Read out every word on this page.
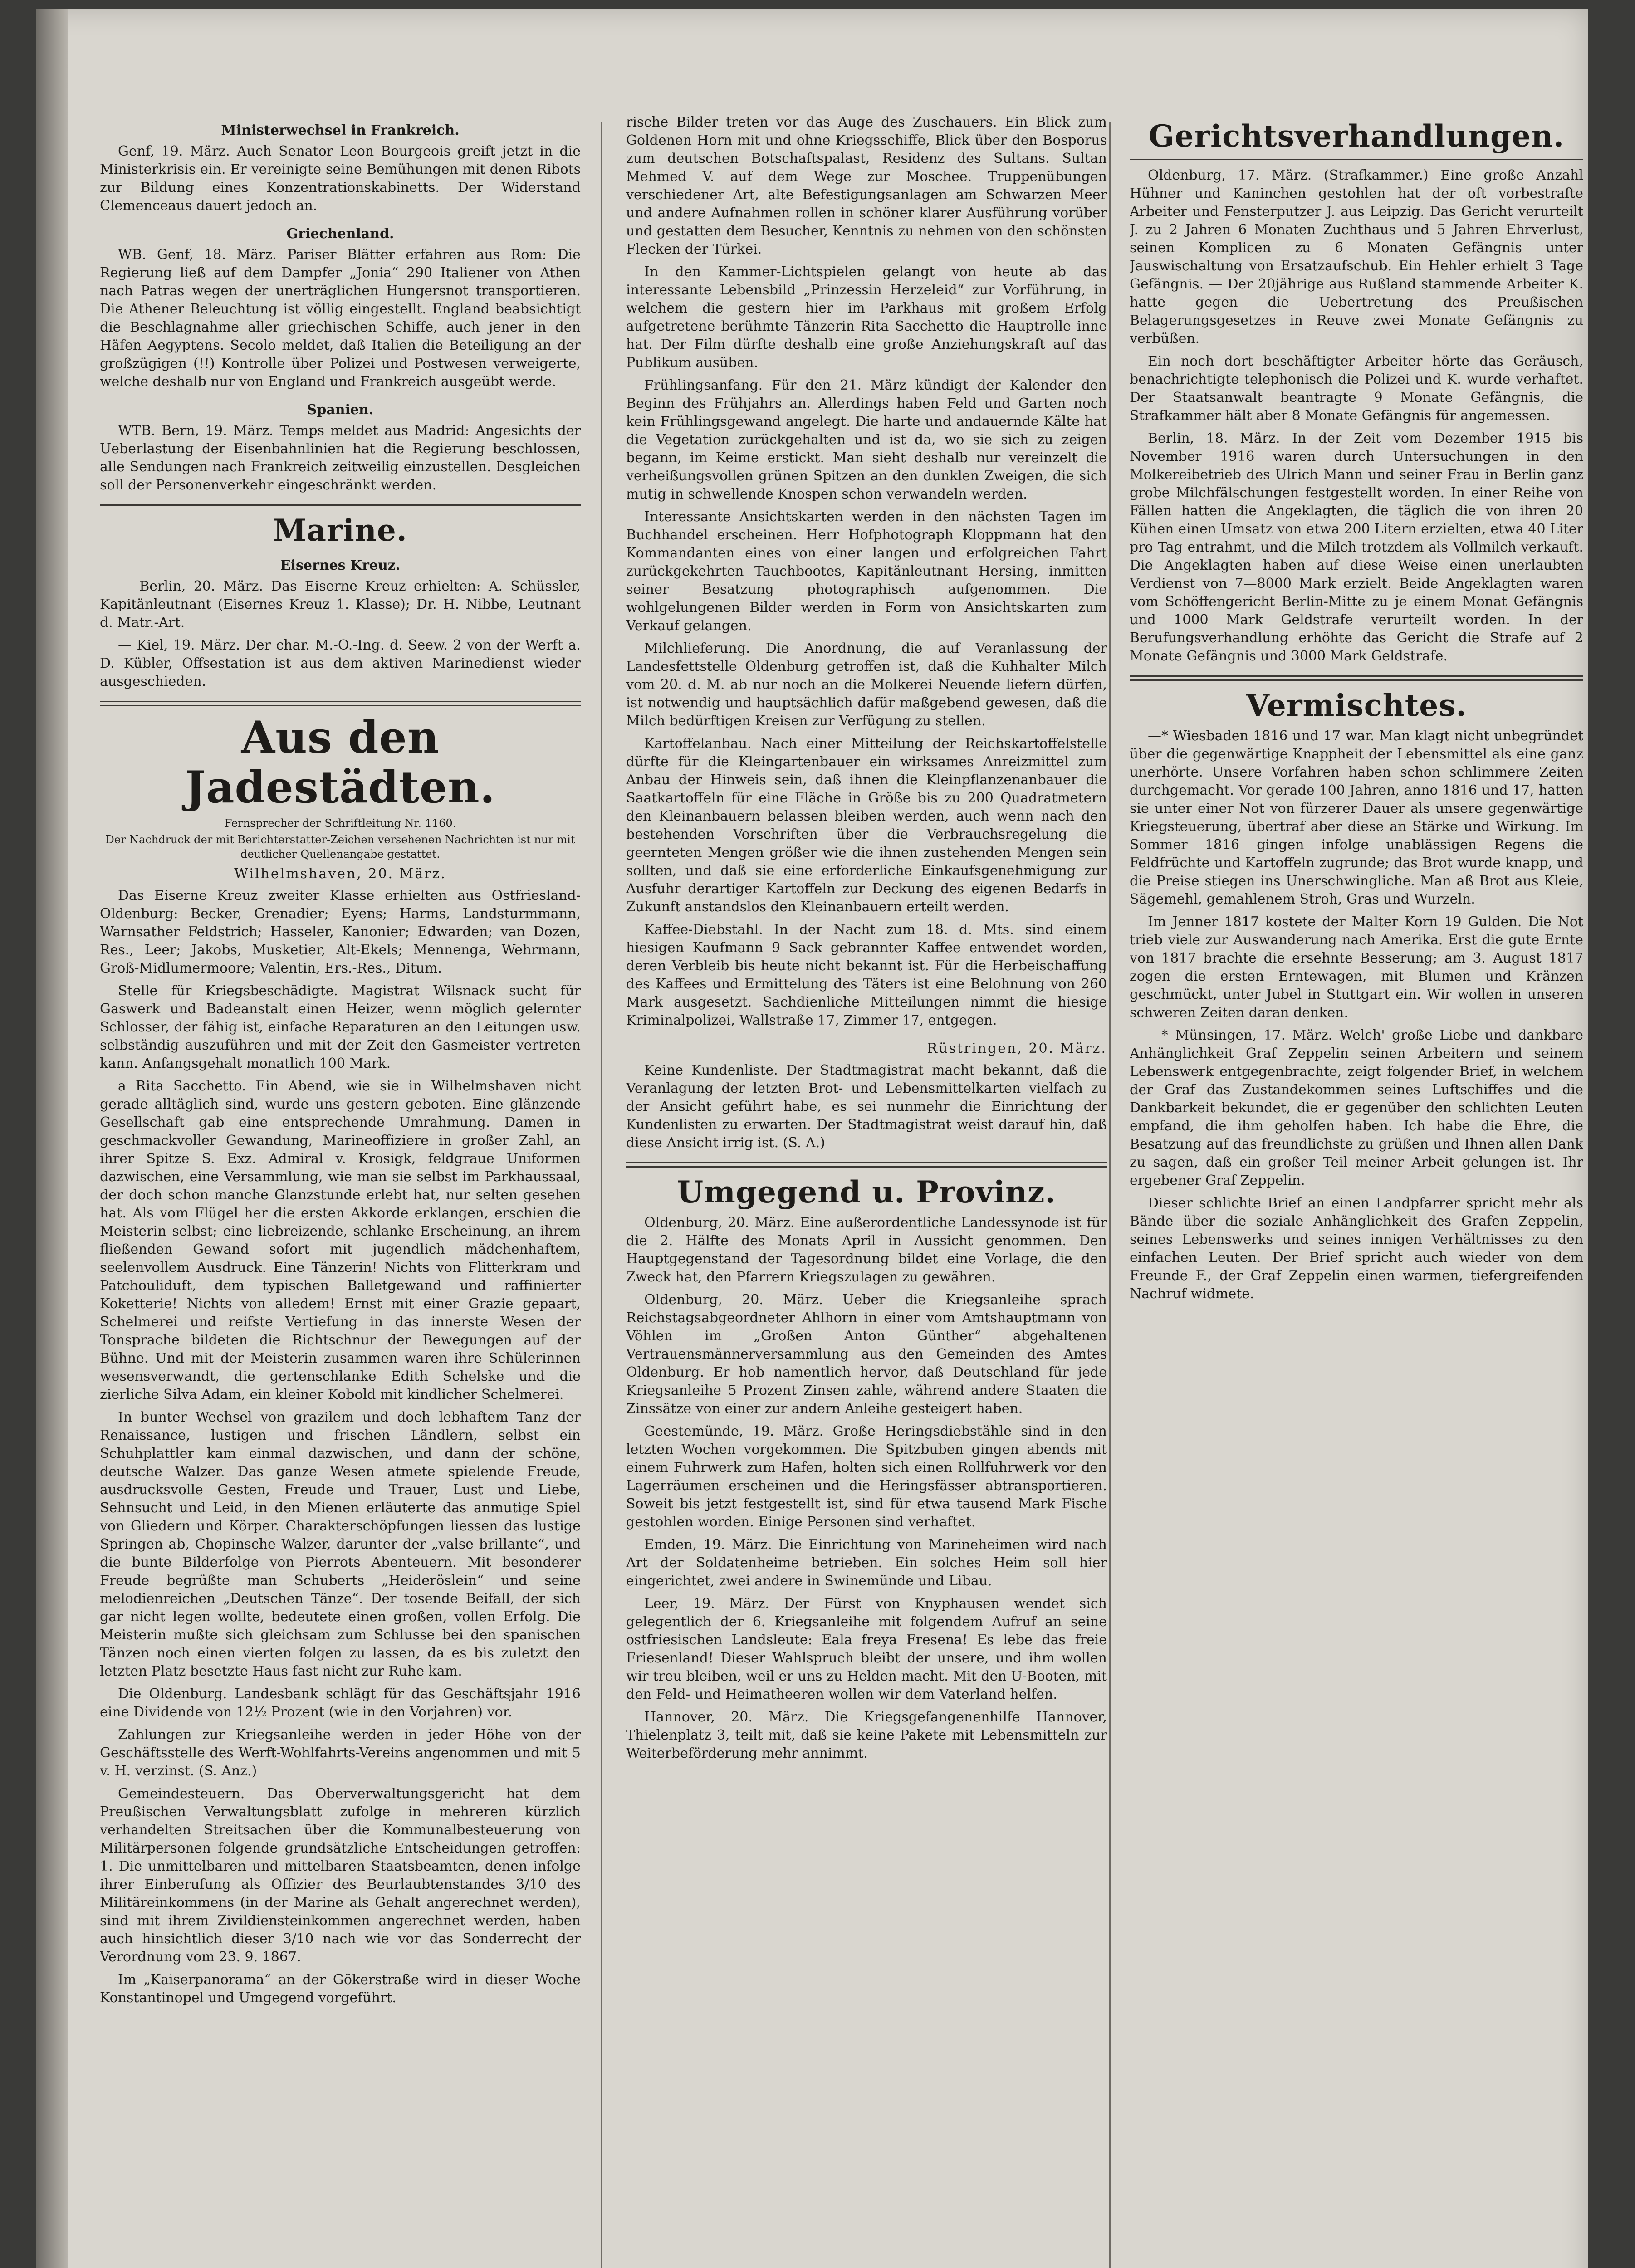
Ministerwechsel in Frankreich.

Genf, 19. März. Auch Senator Leon Bourgeois greift jetzt in die Ministerkrisis ein. Er vereinigte seine Bemühungen mit denen Ribots zur Bildung eines Konzentrationskabinetts. Der Widerstand Clemenceaus dauert jedoch an.

Griechenland.

WB. Genf, 18. März. Pariser Blätter erfahren aus Rom: Die Regierung ließ auf dem Dampfer „Jonia“ 290 Italiener von Athen nach Patras wegen der unerträglichen Hungersnot transportieren. Die Athener Beleuchtung ist völlig eingestellt. England beabsichtigt die Beschlagnahme aller griechischen Schiffe, auch jener in den Häfen Aegyptens. Secolo meldet, daß Italien die Beteiligung an der großzügigen (!!) Kontrolle über Polizei und Postwesen verweigerte, welche deshalb nur von England und Frankreich ausgeübt werde.

Spanien.

WTB. Bern, 19. März. Temps meldet aus Madrid: Angesichts der Ueberlastung der Eisenbahnlinien hat die Regierung beschlossen, alle Sendungen nach Frankreich zeitweilig einzustellen. Desgleichen soll der Personenverkehr eingeschränkt werden.

Marine.
Eisernes Kreuz.

— Berlin, 20. März. Das Eiserne Kreuz erhielten: A. Schüssler, Kapitänleutnant (Eisernes Kreuz 1. Klasse); Dr. H. Nibbe, Leutnant d. Matr.-Art.

— Kiel, 19. März. Der char. M.-O.-Ing. d. Seew. 2 von der Werft a. D. Kübler, Offsestation ist aus dem aktiven Marinedienst wieder ausgeschieden.

Aus den Jadestädten.
Fernsprecher der Schriftleitung Nr. 1160.
Der Nachdruck der mit Berichterstatter-Zeichen versehenen Nachrichten ist nur mit deutlicher Quellenangabe gestattet.
Wilhelmshaven, 20. März.

Das Eiserne Kreuz zweiter Klasse erhielten aus Ostfriesland-Oldenburg: Becker, Grenadier; Eyens; Harms, Landsturmmann, Warnsather Feldstrich; Hasseler, Kanonier; Edwarden; van Dozen, Res., Leer; Jakobs, Musketier, Alt-Ekels; Mennenga, Wehrmann, Groß-Midlumermoore; Valentin, Ers.-Res., Ditum.

Stelle für Kriegsbeschädigte. Magistrat Wilsnack sucht für Gaswerk und Badeanstalt einen Heizer, wenn möglich gelernter Schlosser, der fähig ist, einfache Reparaturen an den Leitungen usw. selbständig auszuführen und mit der Zeit den Gasmeister vertreten kann. Anfangsgehalt monatlich 100 Mark.

a Rita Sacchetto. Ein Abend, wie sie in Wilhelmshaven nicht gerade alltäglich sind, wurde uns gestern geboten. Eine glänzende Gesellschaft gab eine entsprechende Umrahmung. Damen in geschmackvoller Gewandung, Marineoffiziere in großer Zahl, an ihrer Spitze S. Exz. Admiral v. Krosigk, feldgraue Uniformen dazwischen, eine Versammlung, wie man sie selbst im Parkhaussaal, der doch schon manche Glanzstunde erlebt hat, nur selten gesehen hat. Als vom Flügel her die ersten Akkorde erklangen, erschien die Meisterin selbst; eine liebreizende, schlanke Erscheinung, an ihrem fließenden Gewand sofort mit jugendlich mädchenhaftem, seelenvollem Ausdruck. Eine Tänzerin! Nichts von Flitterkram und Patchouliduft, dem typischen Balletgewand und raffinierter Koketterie! Nichts von alledem! Ernst mit einer Grazie gepaart, Schelmerei und reifste Vertiefung in das innerste Wesen der Tonsprache bildeten die Richtschnur der Bewegungen auf der Bühne. Und mit der Meisterin zusammen waren ihre Schülerinnen wesensverwandt, die gertenschlanke Edith Schelske und die zierliche Silva Adam, ein kleiner Kobold mit kindlicher Schelmerei.

In bunter Wechsel von grazilem und doch lebhaftem Tanz der Renaissance, lustigen und frischen Ländlern, selbst ein Schuhplattler kam einmal dazwischen, und dann der schöne, deutsche Walzer. Das ganze Wesen atmete spielende Freude, ausdrucksvolle Gesten, Freude und Trauer, Lust und Liebe, Sehnsucht und Leid, in den Mienen erläuterte das anmutige Spiel von Gliedern und Körper. Charakterschöpfungen liessen das lustige Springen ab, Chopinsche Walzer, darunter der „valse brillante“, und die bunte Bilderfolge von Pierrots Abenteuern. Mit besonderer Freude begrüßte man Schuberts „Heideröslein“ und seine melodienreichen „Deutschen Tänze“. Der tosende Beifall, der sich gar nicht legen wollte, bedeutete einen großen, vollen Erfolg. Die Meisterin mußte sich gleichsam zum Schlusse bei den spanischen Tänzen noch einen vierten folgen zu lassen, da es bis zuletzt den letzten Platz besetzte Haus fast nicht zur Ruhe kam.

Die Oldenburg. Landesbank schlägt für das Geschäftsjahr 1916 eine Dividende von 12½ Prozent (wie in den Vorjahren) vor.

Zahlungen zur Kriegsanleihe werden in jeder Höhe von der Geschäftsstelle des Werft-Wohlfahrts-Vereins angenommen und mit 5 v. H. verzinst. (S. Anz.)

Gemeindesteuern. Das Oberverwaltungsgericht hat dem Preußischen Verwaltungsblatt zufolge in mehreren kürzlich verhandelten Streitsachen über die Kommunalbesteuerung von Militärpersonen folgende grundsätzliche Entscheidungen getroffen: 1. Die unmittelbaren und mittelbaren Staatsbeamten, denen infolge ihrer Einberufung als Offizier des Beurlaubtenstandes 3/10 des Militäreinkommens (in der Marine als Gehalt angerechnet werden), sind mit ihrem Zivildiensteinkommen angerechnet werden, haben auch hinsichtlich dieser 3/10 nach wie vor das Sonderrecht der Verordnung vom 23. 9. 1867.

Im „Kaiserpanorama“ an der Gökerstraße wird in dieser Woche Konstantinopel und Umgegend vorgeführt.

rische Bilder treten vor das Auge des Zuschauers. Ein Blick zum Goldenen Horn mit und ohne Kriegsschiffe, Blick über den Bosporus zum deutschen Botschaftspalast, Residenz des Sultans. Sultan Mehmed V. auf dem Wege zur Moschee. Truppenübungen verschiedener Art, alte Befestigungsanlagen am Schwarzen Meer und andere Aufnahmen rollen in schöner klarer Ausführung vorüber und gestatten dem Besucher, Kenntnis zu nehmen von den schönsten Flecken der Türkei.

In den Kammer-Lichtspielen gelangt von heute ab das interessante Lebensbild „Prinzessin Herzeleid“ zur Vorführung, in welchem die gestern hier im Parkhaus mit großem Erfolg aufgetretene berühmte Tänzerin Rita Sacchetto die Hauptrolle inne hat. Der Film dürfte deshalb eine große Anziehungskraft auf das Publikum ausüben.

Frühlingsanfang. Für den 21. März kündigt der Kalender den Beginn des Frühjahrs an. Allerdings haben Feld und Garten noch kein Frühlingsgewand angelegt. Die harte und andauernde Kälte hat die Vegetation zurückgehalten und ist da, wo sie sich zu zeigen begann, im Keime erstickt. Man sieht deshalb nur vereinzelt die verheißungsvollen grünen Spitzen an den dunklen Zweigen, die sich mutig in schwellende Knospen schon verwandeln werden.

Interessante Ansichtskarten werden in den nächsten Tagen im Buchhandel erscheinen. Herr Hofphotograph Kloppmann hat den Kommandanten eines von einer langen und erfolgreichen Fahrt zurückgekehrten Tauchbootes, Kapitänleutnant Hersing, inmitten seiner Besatzung photographisch aufgenommen. Die wohlgelungenen Bilder werden in Form von Ansichtskarten zum Verkauf gelangen.

Milchlieferung. Die Anordnung, die auf Veranlassung der Landesfettstelle Oldenburg getroffen ist, daß die Kuhhalter Milch vom 20. d. M. ab nur noch an die Molkerei Neuende liefern dürfen, ist notwendig und hauptsächlich dafür maßgebend gewesen, daß die Milch bedürftigen Kreisen zur Verfügung zu stellen.

Kartoffelanbau. Nach einer Mitteilung der Reichskartoffelstelle dürfte für die Kleingartenbauer ein wirksames Anreizmittel zum Anbau der Hinweis sein, daß ihnen die Kleinpflanzenanbauer die Saatkartoffeln für eine Fläche in Größe bis zu 200 Quadratmetern den Kleinanbauern belassen bleiben werden, auch wenn nach den bestehenden Vorschriften über die Verbrauchsregelung die geernteten Mengen größer wie die ihnen zustehenden Mengen sein sollten, und daß sie eine erforderliche Einkaufsgenehmigung zur Ausfuhr derartiger Kartoffeln zur Deckung des eigenen Bedarfs in Zukunft anstandslos den Kleinanbauern erteilt werden.

Kaffee-Diebstahl. In der Nacht zum 18. d. Mts. sind einem hiesigen Kaufmann 9 Sack gebrannter Kaffee entwendet worden, deren Verbleib bis heute nicht bekannt ist. Für die Herbeischaffung des Kaffees und Ermittelung des Täters ist eine Belohnung von 260 Mark ausgesetzt. Sachdienliche Mitteilungen nimmt die hiesige Kriminalpolizei, Wallstraße 17, Zimmer 17, entgegen.

Rüstringen, 20. März.

Keine Kundenliste. Der Stadtmagistrat macht bekannt, daß die Veranlagung der letzten Brot- und Lebensmittelkarten vielfach zu der Ansicht geführt habe, es sei nunmehr die Einrichtung der Kundenlisten zu erwarten. Der Stadtmagistrat weist darauf hin, daß diese Ansicht irrig ist. (S. A.)

Umgegend u. Provinz.

Oldenburg, 20. März. Eine außerordentliche Landessynode ist für die 2. Hälfte des Monats April in Aussicht genommen. Den Hauptgegenstand der Tagesordnung bildet eine Vorlage, die den Zweck hat, den Pfarrern Kriegszulagen zu gewähren.

Oldenburg, 20. März. Ueber die Kriegsanleihe sprach Reichstagsabgeordneter Ahlhorn in einer vom Amtshauptmann von Vöhlen im „Großen Anton Günther“ abgehaltenen Vertrauensmännerversammlung aus den Gemeinden des Amtes Oldenburg. Er hob namentlich hervor, daß Deutschland für jede Kriegsanleihe 5 Prozent Zinsen zahle, während andere Staaten die Zinssätze von einer zur andern Anleihe gesteigert haben.

Geestemünde, 19. März. Große Heringsdiebstähle sind in den letzten Wochen vorgekommen. Die Spitzbuben gingen abends mit einem Fuhrwerk zum Hafen, holten sich einen Rollfuhrwerk vor den Lagerräumen erscheinen und die Heringsfässer abtransportieren. Soweit bis jetzt festgestellt ist, sind für etwa tausend Mark Fische gestohlen worden. Einige Personen sind verhaftet.

Emden, 19. März. Die Einrichtung von Marineheimen wird nach Art der Soldatenheime betrieben. Ein solches Heim soll hier eingerichtet, zwei andere in Swinemünde und Libau.

Leer, 19. März. Der Fürst von Knyphausen wendet sich gelegentlich der 6. Kriegsanleihe mit folgendem Aufruf an seine ostfriesischen Landsleute: Eala freya Fresena! Es lebe das freie Friesenland! Dieser Wahlspruch bleibt der unsere, und ihm wollen wir treu bleiben, weil er uns zu Helden macht. Mit den U-Booten, mit den Feld- und Heimatheeren wollen wir dem Vaterland helfen.

Hannover, 20. März. Die Kriegsgefangenenhilfe Hannover, Thielenplatz 3, teilt mit, daß sie keine Pakete mit Lebensmitteln zur Weiterbeförderung mehr annimmt.

Gerichtsverhandlungen.

Oldenburg, 17. März. (Strafkammer.) Eine große Anzahl Hühner und Kaninchen gestohlen hat der oft vorbestrafte Arbeiter und Fensterputzer J. aus Leipzig. Das Gericht verurteilt J. zu 2 Jahren 6 Monaten Zuchthaus und 5 Jahren Ehrverlust, seinen Komplicen zu 6 Monaten Gefängnis unter Jauswischaltung von Ersatzaufschub. Ein Hehler erhielt 3 Tage Gefängnis. — Der 20jährige aus Rußland stammende Arbeiter K. hatte gegen die Uebertretung des Preußischen Belagerungsgesetzes in Reuve zwei Monate Gefängnis zu verbüßen.

Ein noch dort beschäftigter Arbeiter hörte das Geräusch, benachrichtigte telephonisch die Polizei und K. wurde verhaftet. Der Staatsanwalt beantragte 9 Monate Gefängnis, die Strafkammer hält aber 8 Monate Gefängnis für angemessen.

Berlin, 18. März. In der Zeit vom Dezember 1915 bis November 1916 waren durch Untersuchungen in den Molkereibetrieb des Ulrich Mann und seiner Frau in Berlin ganz grobe Milchfälschungen festgestellt worden. In einer Reihe von Fällen hatten die Angeklagten, die täglich die von ihren 20 Kühen einen Umsatz von etwa 200 Litern erzielten, etwa 40 Liter pro Tag entrahmt, und die Milch trotzdem als Vollmilch verkauft. Die Angeklagten haben auf diese Weise einen unerlaubten Verdienst von 7—8000 Mark erzielt. Beide Angeklagten waren vom Schöffengericht Berlin-Mitte zu je einem Monat Gefängnis und 1000 Mark Geldstrafe verurteilt worden. In der Berufungsverhandlung erhöhte das Gericht die Strafe auf 2 Monate Gefängnis und 3000 Mark Geldstrafe.

Vermischtes.

—* Wiesbaden 1816 und 17 war. Man klagt nicht unbegründet über die gegenwärtige Knappheit der Lebensmittel als eine ganz unerhörte. Unsere Vorfahren haben schon schlimmere Zeiten durchgemacht. Vor gerade 100 Jahren, anno 1816 und 17, hatten sie unter einer Not von fürzerer Dauer als unsere gegenwärtige Kriegsteuerung, übertraf aber diese an Stärke und Wirkung. Im Sommer 1816 gingen infolge unablässigen Regens die Feldfrüchte und Kartoffeln zugrunde; das Brot wurde knapp, und die Preise stiegen ins Unerschwingliche. Man aß Brot aus Kleie, Sägemehl, gemahlenem Stroh, Gras und Wurzeln.

Im Jenner 1817 kostete der Malter Korn 19 Gulden. Die Not trieb viele zur Auswanderung nach Amerika. Erst die gute Ernte von 1817 brachte die ersehnte Besserung; am 3. August 1817 zogen die ersten Erntewagen, mit Blumen und Kränzen geschmückt, unter Jubel in Stuttgart ein. Wir wollen in unseren schweren Zeiten daran denken.

—* Münsingen, 17. März. Welch' große Liebe und dankbare Anhänglichkeit Graf Zeppelin seinen Arbeitern und seinem Lebenswerk entgegenbrachte, zeigt folgender Brief, in welchem der Graf das Zustandekommen seines Luftschiffes und die Dankbarkeit bekundet, die er gegenüber den schlichten Leuten empfand, die ihm geholfen haben. Ich habe die Ehre, die Besatzung auf das freundlichste zu grüßen und Ihnen allen Dank zu sagen, daß ein großer Teil meiner Arbeit gelungen ist. Ihr ergebener Graf Zeppelin.

Dieser schlichte Brief an einen Landpfarrer spricht mehr als Bände über die soziale Anhänglichkeit des Grafen Zeppelin, seines Lebenswerks und seines innigen Verhältnisses zu den einfachen Leuten. Der Brief spricht auch wieder von dem Freunde F., der Graf Zeppelin einen warmen, tiefergreifenden Nachruf widmete.
